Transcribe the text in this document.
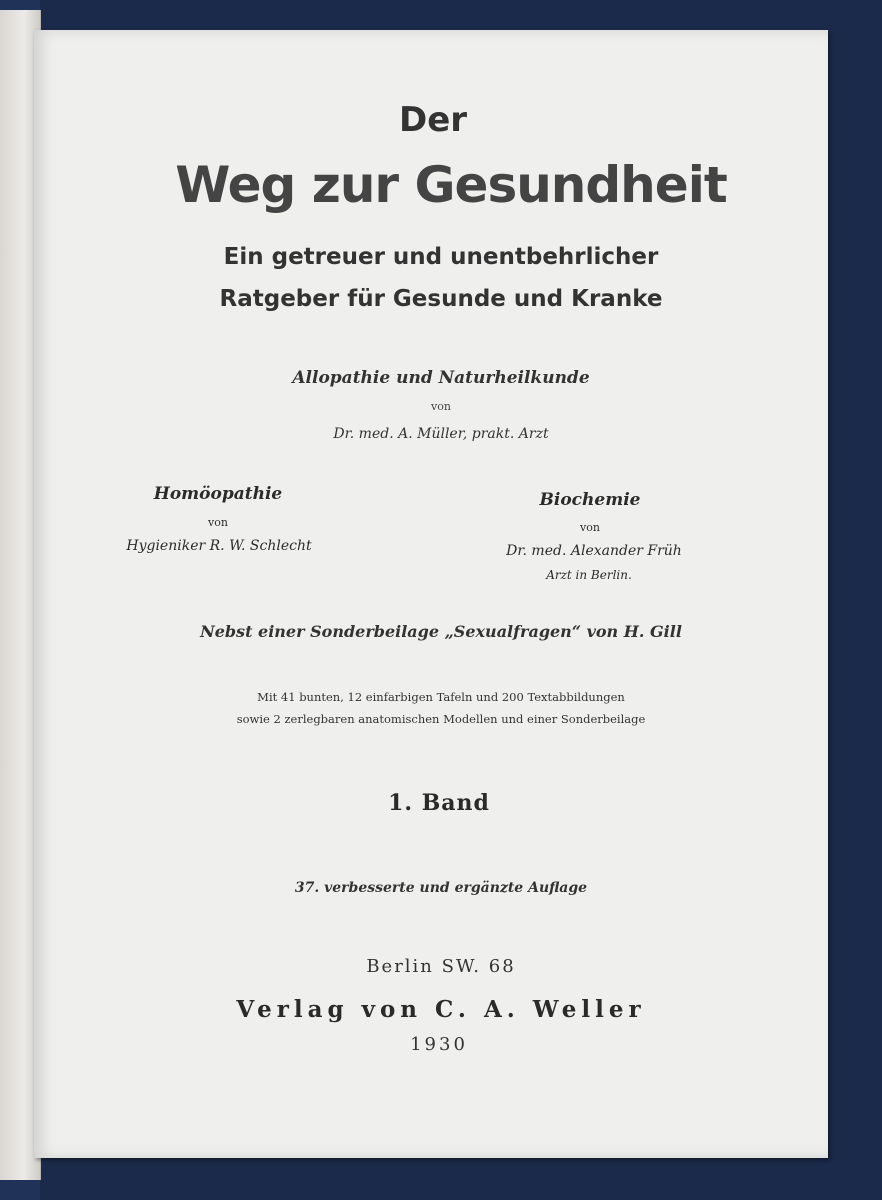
Der
Weg zur Gesundheit
Ein getreuer und unentbehrlicher
Ratgeber für Gesunde und Kranke
Allopathie und Naturheilkunde
von
Dr. med. A. Müller, prakt. Arzt
Homöopathie
von
Hygieniker R. W. Schlecht
Biochemie
von
Dr. med. Alexander Früh
Arzt in Berlin.
Nebst einer Sonderbeilage „Sexualfragen“ von H. Gill
Mit 41 bunten, 12 einfarbigen Tafeln und 200 Textabbildungen
sowie 2 zerlegbaren anatomischen Modellen und einer Sonderbeilage
1. Band
37. verbesserte und ergänzte Auflage
Berlin SW. 68
Verlag von C. A. Weller
1930
